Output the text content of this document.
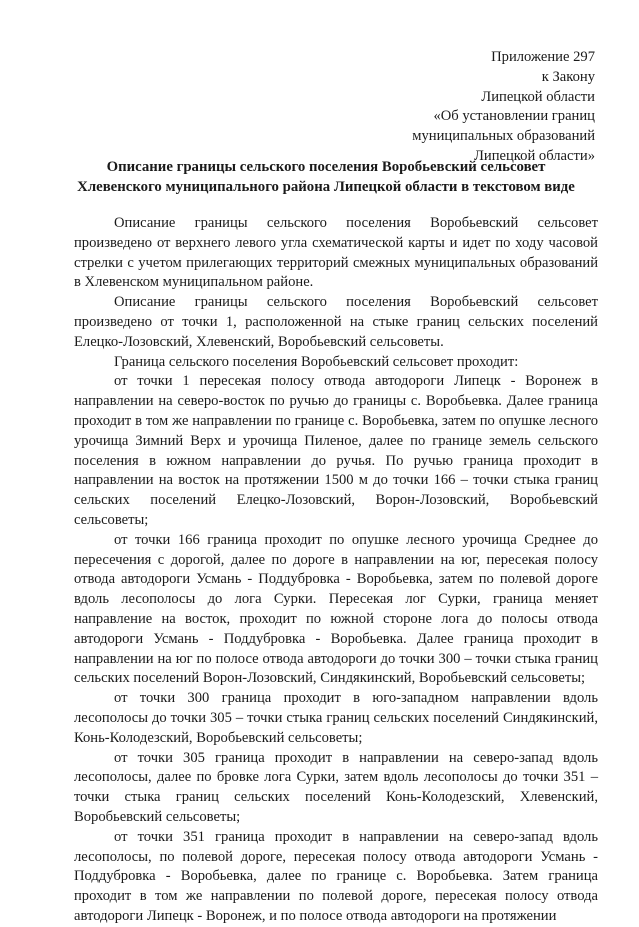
Приложение 297
к Закону
Липецкой области
«Об установлении границ
муниципальных образований
Липецкой области»
Описание границы сельского поселения Воробьевский сельсовет
Хлевенского муниципального района Липецкой области в текстовом виде

Описание границы сельского поселения Воробьевский сельсовет произведено от верхнего левого угла схематической карты и идет по ходу часовой стрелки с учетом прилегающих территорий смежных муниципальных образований в Хлевенском муниципальном районе.

Описание границы сельского поселения Воробьевский сельсовет произведено от точки 1, расположенной на стыке границ сельских поселений Елецко-Лозовский, Хлевенский, Воробьевский сельсоветы.

Граница сельского поселения Воробьевский сельсовет проходит:

от точки 1 пересекая полосу отвода автодороги Липецк - Воронеж в направлении на северо-восток по ручью до границы с. Воробьевка. Далее граница проходит в том же направлении по границе с. Воробьевка, затем по опушке лесного урочища Зимний Верх и урочища Пиленое, далее по границе земель сельского поселения в южном направлении до ручья. По ручью граница проходит в направлении на восток на протяжении 1500 м до точки 166 – точки стыка границ сельских поселений Елецко-Лозовский, Ворон-Лозовский, Воробьевский сельсоветы;

от точки 166 граница проходит по опушке лесного урочища Среднее до пересечения с дорогой, далее по дороге в направлении на юг, пересекая полосу отвода автодороги Усмань - Поддубровка - Воробьевка, затем по полевой дороге вдоль лесополосы до лога Сурки. Пересекая лог Сурки, граница меняет направление на восток, проходит по южной стороне лога до полосы отвода автодороги Усмань - Поддубровка - Воробьевка. Далее граница проходит в направлении на юг по полосе отвода автодороги до точки 300 – точки стыка границ сельских поселений Ворон-Лозовский, Синдякинский, Воробьевский сельсоветы;

от точки 300 граница проходит в юго-западном направлении вдоль лесополосы до точки 305 – точки стыка границ сельских поселений Синдякинский, Конь-Колодезский, Воробьевский сельсоветы;

от точки 305 граница проходит в направлении на северо-запад вдоль лесополосы, далее по бровке лога Сурки, затем вдоль лесополосы до точки 351 – точки стыка границ сельских поселений Конь-Колодезский, Хлевенский, Воробьевский сельсоветы;

от точки 351 граница проходит в направлении на северо-запад вдоль лесополосы, по полевой дороге, пересекая полосу отвода автодороги Усмань - Поддубровка - Воробьевка, далее по границе с. Воробьевка. Затем граница проходит в том же направлении по полевой дороге, пересекая полосу отвода автодороги Липецк - Воронеж, и по полосе отвода автодороги на протяжении
